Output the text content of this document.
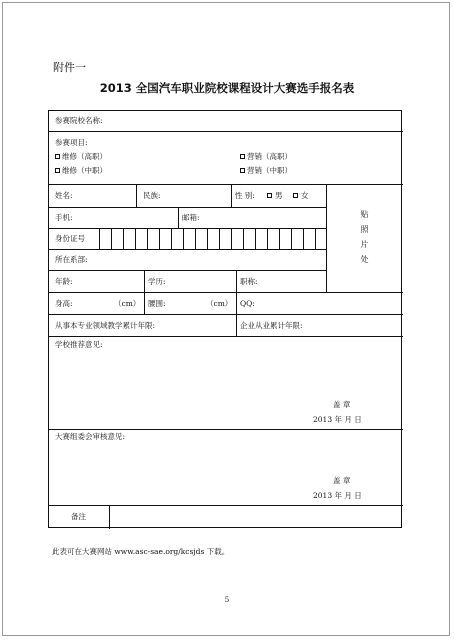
附件一
2013 全国汽车职业院校课程设计大赛选手报名表
参赛院校名称:
参赛项目:
维修（高职）	营销（高职）
维修（中职）	营销（中职）
姓名:	民族:	性 别:	男 女
贴
照
片
处
手机:	邮箱:
身份证号
所在系部:
年龄:	学历:	职称:
身高:	（cm） 腰围:	（cm） QQ:
从事本专业领域教学累计年限:	企业从业累计年限:
学校推荐意见:
盖 章
2013 年 月 日
大赛组委会审核意见:
盖 章
2013 年 月 日
备注
此表可在大赛网站 www.asc-sae.org/kcsjds 下载。
5
